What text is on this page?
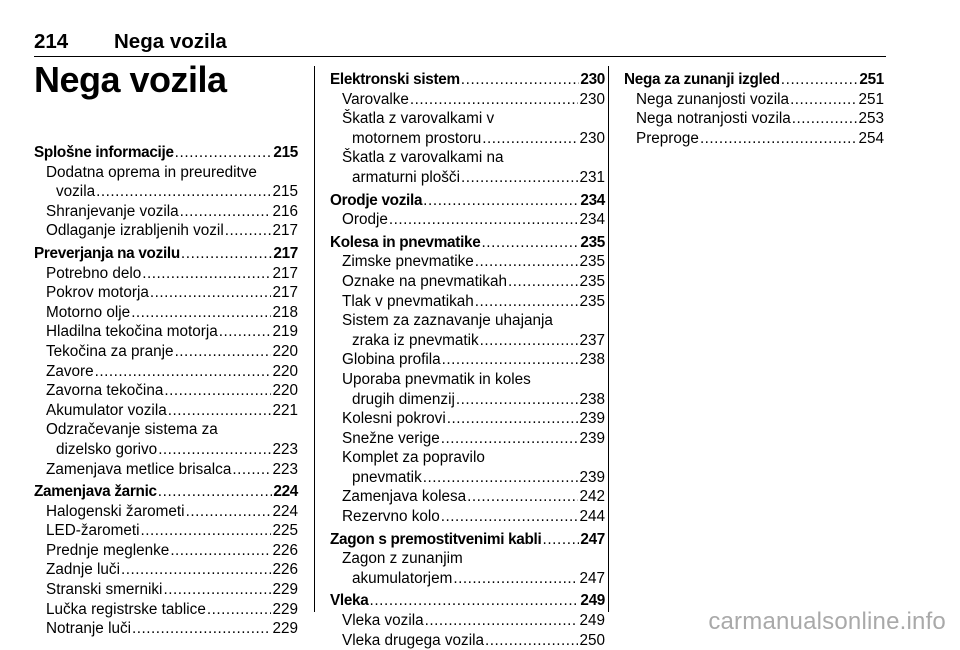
214 Nega vozila
Nega vozila
Splošne informacije .....	215
Dodatna oprema in preureditve
vozila .....	215
Shranjevanje vozila .....	216
Odlaganje izrabljenih vozil .....	217
Preverjanja na vozilu .....	217
Potrebno delo .....	217
Pokrov motorja .....	217
Motorno olje .....	218
Hladilna tekočina motorja .....	219
Tekočina za pranje .....	220
Zavore .....	220
Zavorna tekočina .....	220
Akumulator vozila .....	221
Odzračevanje sistema za
dizelsko gorivo .....	223
Zamenjava metlice brisalca .....	223
Zamenjava žarnic .....	224
Halogenski žarometi .....	224
LED-žarometi .....	225
Prednje meglenke .....	226
Zadnje luči .....	226
Stranski smerniki .....	229
Lučka registrske tablice .....	229
Notranje luči .....	229
Elektronski sistem .....	230
Varovalke .....	230
Škatla z varovalkami v
motornem prostoru .....	230
Škatla z varovalkami na
armaturni plošči .....	231
Orodje vozila .....	234
Orodje .....	234
Kolesa in pnevmatike .....	235
Zimske pnevmatike .....	235
Oznake na pnevmatikah .....	235
Tlak v pnevmatikah .....	235
Sistem za zaznavanje uhajanja
zraka iz pnevmatik .....	237
Globina profila .....	238
Uporaba pnevmatik in koles
drugih dimenzij .....	238
Kolesni pokrovi .....	239
Snežne verige .....	239
Komplet za popravilo
pnevmatik .....	239
Zamenjava kolesa .....	242
Rezervno kolo .....	244
Zagon s premostitvenimi kabli .....	247
Zagon z zunanjim
akumulatorjem .....	247
Vleka .....	249
Vleka vozila .....	249
Vleka drugega vozila .....	250
Nega za zunanji izgled .....	251
Nega zunanjosti vozila .....	251
Nega notranjosti vozila .....	253
Preproge .....	254
carmanualsonline.info
